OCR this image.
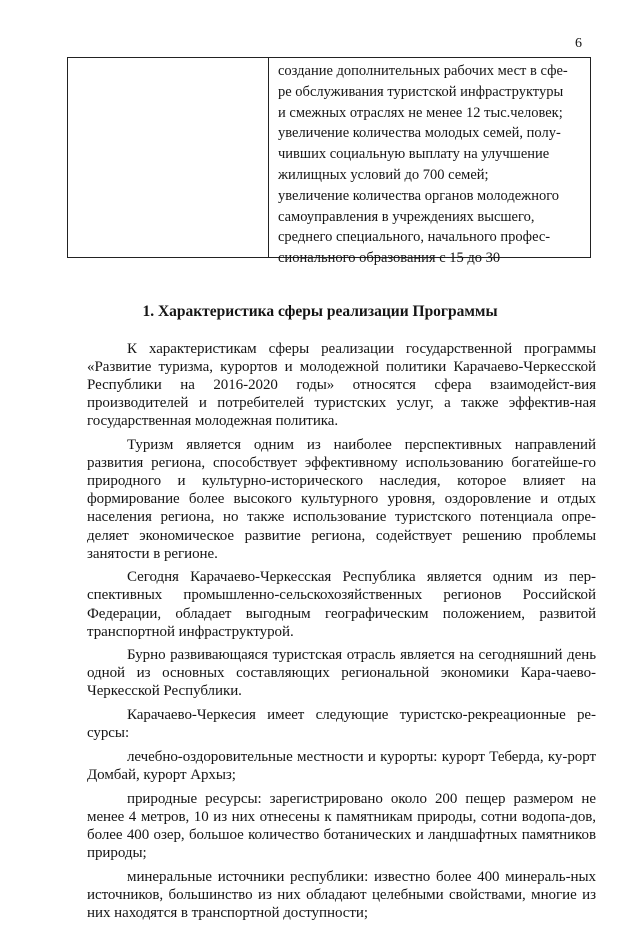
6
создание дополнительных рабочих мест в сфе-
ре обслуживания туристской инфраструктуры
и смежных отраслях не менее 12 тыс.человек;
увеличение количества молодых семей, полу-
чивших социальную выплату на улучшение
жилищных условий до 700 семей;
увеличение количества органов молодежного
самоуправления в учреждениях высшего,
среднего специального, начального профес-
сионального образования с 15 до 30
1. Характеристика сферы реализации Программы

К характеристикам сферы реализации государственной программы «Развитие туризма, курортов и молодежной политики Карачаево-Черкесской Республики на 2016-2020 годы» относятся сфера взаимодейст-вия производителей и потребителей туристских услуг, а также эффектив-ная государственная молодежная политика.

Туризм является одним из наиболее перспективных направлений развития региона, способствует эффективному использованию богатейше-го природного и культурно-исторического наследия, которое влияет на формирование более высокого культурного уровня, оздоровление и отдых населения региона, но также использование туристского потенциала опре-деляет экономическое развитие региона, содействует решению проблемы занятости в регионе.

Сегодня Карачаево-Черкесская Республика является одним из пер-спективных промышленно-сельскохозяйственных регионов Российской Федерации, обладает выгодным географическим положением, развитой транспортной инфраструктурой.

Бурно развивающаяся туристская отрасль является на сегодняшний день одной из основных составляющих региональной экономики Кара-чаево-Черкесской Республики.

Карачаево-Черкесия имеет следующие туристско-рекреационные ре-сурсы:

лечебно-оздоровительные местности и курорты: курорт Теберда, ку-рорт Домбай, курорт Архыз;

природные ресурсы: зарегистрировано около 200 пещер размером не менее 4 метров, 10 из них отнесены к памятникам природы, сотни водопа-дов, более 400 озер, большое количество ботанических и ландшафтных памятников природы;

минеральные источники республики: известно более 400 минераль-ных источников, большинство из них обладают целебными свойствами, многие из них находятся в транспортной доступности;
